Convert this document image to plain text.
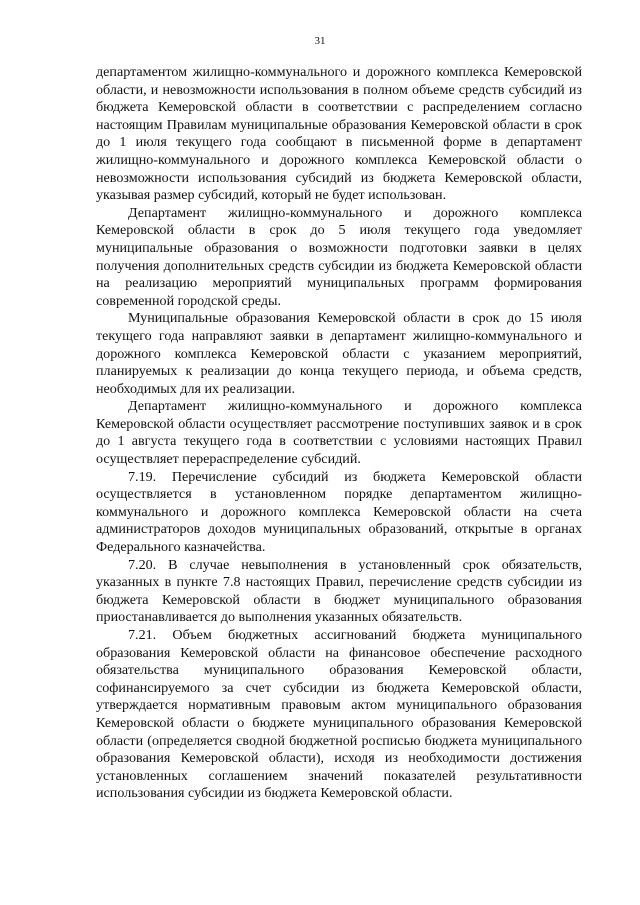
31

департаментом жилищно-коммунального и дорожного комплекса Кемеровской области, и невозможности использования в полном объеме средств субсидий из бюджета Кемеровской области в соответствии с распределением согласно настоящим Правилам муниципальные образования Кемеровской области в срок до 1 июля текущего года сообщают в письменной форме в департамент жилищно-коммунального и дорожного комплекса Кемеровской области о невозможности использования субсидий из бюджета Кемеровской области, указывая размер субсидий, который не будет использован.

Департамент жилищно-коммунального и дорожного комплекса Кемеровской области в срок до 5 июля текущего года уведомляет муниципальные образования о возможности подготовки заявки в целях получения дополнительных средств субсидии из бюджета Кемеровской области на реализацию мероприятий муниципальных программ формирования современной городской среды.

Муниципальные образования Кемеровской области в срок до 15 июля текущего года направляют заявки в департамент жилищно-коммунального и дорожного комплекса Кемеровской области с указанием мероприятий, планируемых к реализации до конца текущего периода, и объема средств, необходимых для их реализации.

Департамент жилищно-коммунального и дорожного комплекса Кемеровской области осуществляет рассмотрение поступивших заявок и в срок до 1 августа текущего года в соответствии с условиями настоящих Правил осуществляет перераспределение субсидий.

7.19. Перечисление субсидий из бюджета Кемеровской области осуществляется в установленном порядке департаментом жилищно-коммунального и дорожного комплекса Кемеровской области на счета администраторов доходов муниципальных образований, открытые в органах Федерального казначейства.

7.20. В случае невыполнения в установленный срок обязательств, указанных в пункте 7.8 настоящих Правил, перечисление средств субсидии из бюджета Кемеровской области в бюджет муниципального образования приостанавливается до выполнения указанных обязательств.

7.21. Объем бюджетных ассигнований бюджета муниципального образования Кемеровской области на финансовое обеспечение расходного обязательства муниципального образования Кемеровской области, софинансируемого за счет субсидии из бюджета Кемеровской области, утверждается нормативным правовым актом муниципального образования Кемеровской области о бюджете муниципального образования Кемеровской области (определяется сводной бюджетной росписью бюджета муниципального образования Кемеровской области), исходя из необходимости достижения установленных соглашением значений показателей результативности использования субсидии из бюджета Кемеровской области.
